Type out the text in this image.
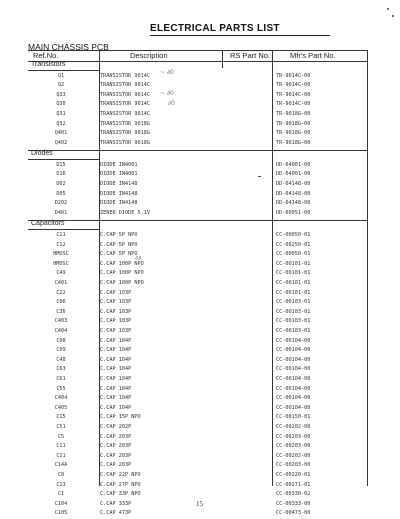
ELECTRICAL PARTS LIST
MAIN CHASSIS PCB
Ref.No.	Description	RS Part No.	Mfr's Part No.
Transistors
Q1	TRANSISTOR 9014C	TR-9014C-00
Q2	TRANSISTOR 9014C	TR-9014C-00
Q33	TRANSISTOR 9014C	TR-9014C-00
Q30	TRANSISTOR 9014C	TR-9014C-00
Q31	TRANSISTOR 9014C	TR-9018G-00
Q32	TRANSISTOR 9018G	TR-9018G-00
Q401	TRANSISTOR 9018G	TR-9018G-00
Q402	TRANSISTOR 9018G	TR-9018G-00
Diodes
D15	DIODE IN4001	DD-04001-00
D16	DIODE IN4001	DD-04001-00
D02	DIODE IN4148	DD-04148-00
D05	DIODE IN4148	DD-04148-00
D202	DIODE IN4148	DD-04148-00
D401	ZENER DIODE 5.1V	DD-00051-00
Capacitors
C11	C.CAP 5P NPO	CC-00050-01
C12	C.CAP 5P NPO	CC-00250-01
HMOSC	C.CAP 5P NPO	CC-00050-01
HMOSC	C.CAP 100P NPO	CC-00101-01
C49	C.CAP 100P NPO	CC-00101-01
C401	C.CAP 100P NPO	CC-00101-01
C22	C.CAP 103P	CC-00101-01
C06	C.CAP 103P	CC-00103-01
C36	C.CAP 103P	CC-00103-01
C403	C.CAP 103P	CC-00103-01
C404	C.CAP 103P	CC-00103-01
C08	C.CAP 104P	CC-00104-00
C09	C.CAP 104P	CC-00104-00
C48	C.CAP 104P	CC-00104-00
C63	C.CAP 104P	CC-00104-00
C61	C.CAP 104P	CC-00104-00
C55	C.CAP 104P	CC-00104-00
C404	C.CAP 104P	CC-00104-00
C405	C.CAP 104P	CC-00104-00
C15	C.CAP 15P NPO	CC-00150-01
C51	C.CAP 202P	CC-00202-00
C5	C.CAP 203P	CC-00203-00
C11	C.CAP 203P	CC-00203-00
C11	C.CAP 203P	CC-00202-00
C14A	C.CAP 203P	CC-00203-00
C8	C.CAP 22P NPO	CC-00220-01
C13	C.CAP 27P NPO	CC-00271-01
C1	C.CAP 33P NPO	CC-00330-02
C104	C.CAP 333P	CC-00333-00
C105	C.CAP 473P	CC-00473-00
~ ∂0
~ ∂0
∂0
∂∂
15
